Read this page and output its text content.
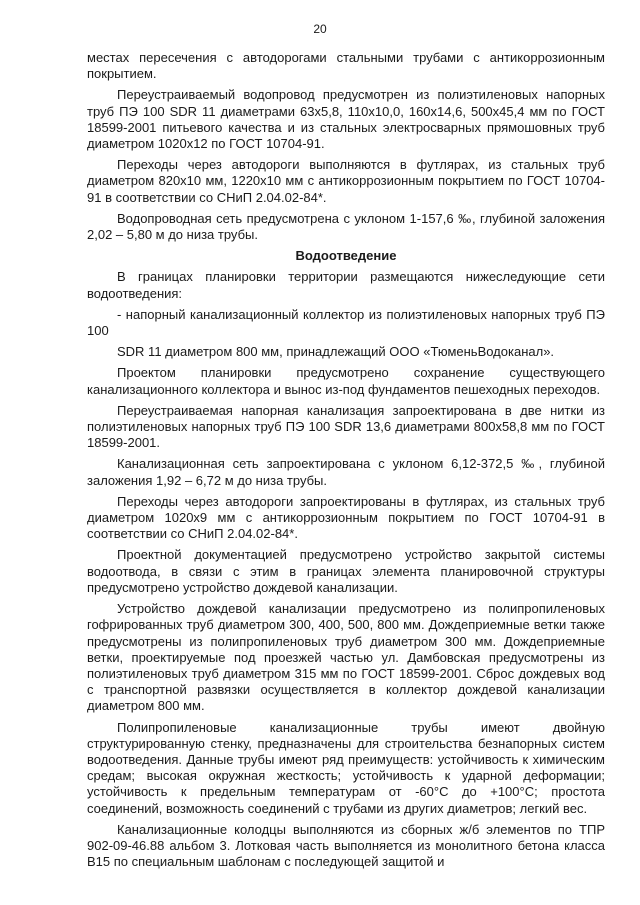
20

местах пересечения с автодорогами стальными трубами с антикоррозионным покрытием.

Переустраиваемый водопровод предусмотрен из полиэтиленовых напорных труб ПЭ 100 SDR 11 диаметрами 63х5,8, 110х10,0, 160х14,6, 500х45,4 мм по ГОСТ 18599-2001 питьевого качества и из стальных электросварных прямошовных труб диаметром 1020х12 по ГОСТ 10704-91.

Переходы через автодороги выполняются в футлярах, из стальных труб диаметром 820х10 мм, 1220х10 мм с антикоррозионным покрытием по ГОСТ 10704-91 в соответствии со СНиП 2.04.02-84*.

Водопроводная сеть предусмотрена с уклоном 1-157,6 ‰, глубиной заложения 2,02 – 5,80 м до низа трубы.

Водоотведение

В границах планировки территории размещаются нижеследующие сети водоотведения:

- напорный канализационный коллектор из полиэтиленовых напорных труб ПЭ 100

SDR 11 диаметром 800 мм, принадлежащий ООО «ТюменьВодоканал».

Проектом планировки предусмотрено сохранение существующего канализационного коллектора и вынос из-под фундаментов пешеходных переходов.

Переустраиваемая напорная канализация запроектирована в две нитки из полиэтиленовых напорных труб ПЭ 100 SDR 13,6 диаметрами 800х58,8 мм по ГОСТ 18599-2001.

Канализационная сеть запроектирована с уклоном 6,12-372,5 ‰, глубиной заложения 1,92 – 6,72 м до низа трубы.

Переходы через автодороги запроектированы в футлярах, из стальных труб диаметром 1020х9 мм с антикоррозионным покрытием по ГОСТ 10704-91 в соответствии со СНиП 2.04.02-84*.

Проектной документацией предусмотрено устройство закрытой системы водоотвода, в связи с этим в границах элемента планировочной структуры предусмотрено устройство дождевой канализации.

Устройство дождевой канализации предусмотрено из полипропиленовых гофрированных труб диаметром 300, 400, 500, 800 мм. Дождеприемные ветки также предусмотрены из полипропиленовых труб диаметром 300 мм. Дождеприемные ветки, проектируемые под проезжей частью ул. Дамбовская предусмотрены из полиэтиленовых труб диаметром 315 мм по ГОСТ 18599-2001. Сброс дождевых вод с транспортной развязки осуществляется в коллектор дождевой канализации диаметром 800 мм.

Полипропиленовые канализационные трубы имеют двойную структурированную стенку, предназначены для строительства безнапорных систем водоотведения. Данные трубы имеют ряд преимуществ: устойчивость к химическим средам; высокая окружная жесткость; устойчивость к ударной деформации; устойчивость к предельным температурам от -60°С до +100°С; простота соединений, возможность соединений с трубами из других диаметров; легкий вес.

Канализационные колодцы выполняются из сборных ж/б элементов по ТПР 902-09-46.88 альбом 3. Лотковая часть выполняется из монолитного бетона класса В15 по специальным шаблонам с последующей защитой и
